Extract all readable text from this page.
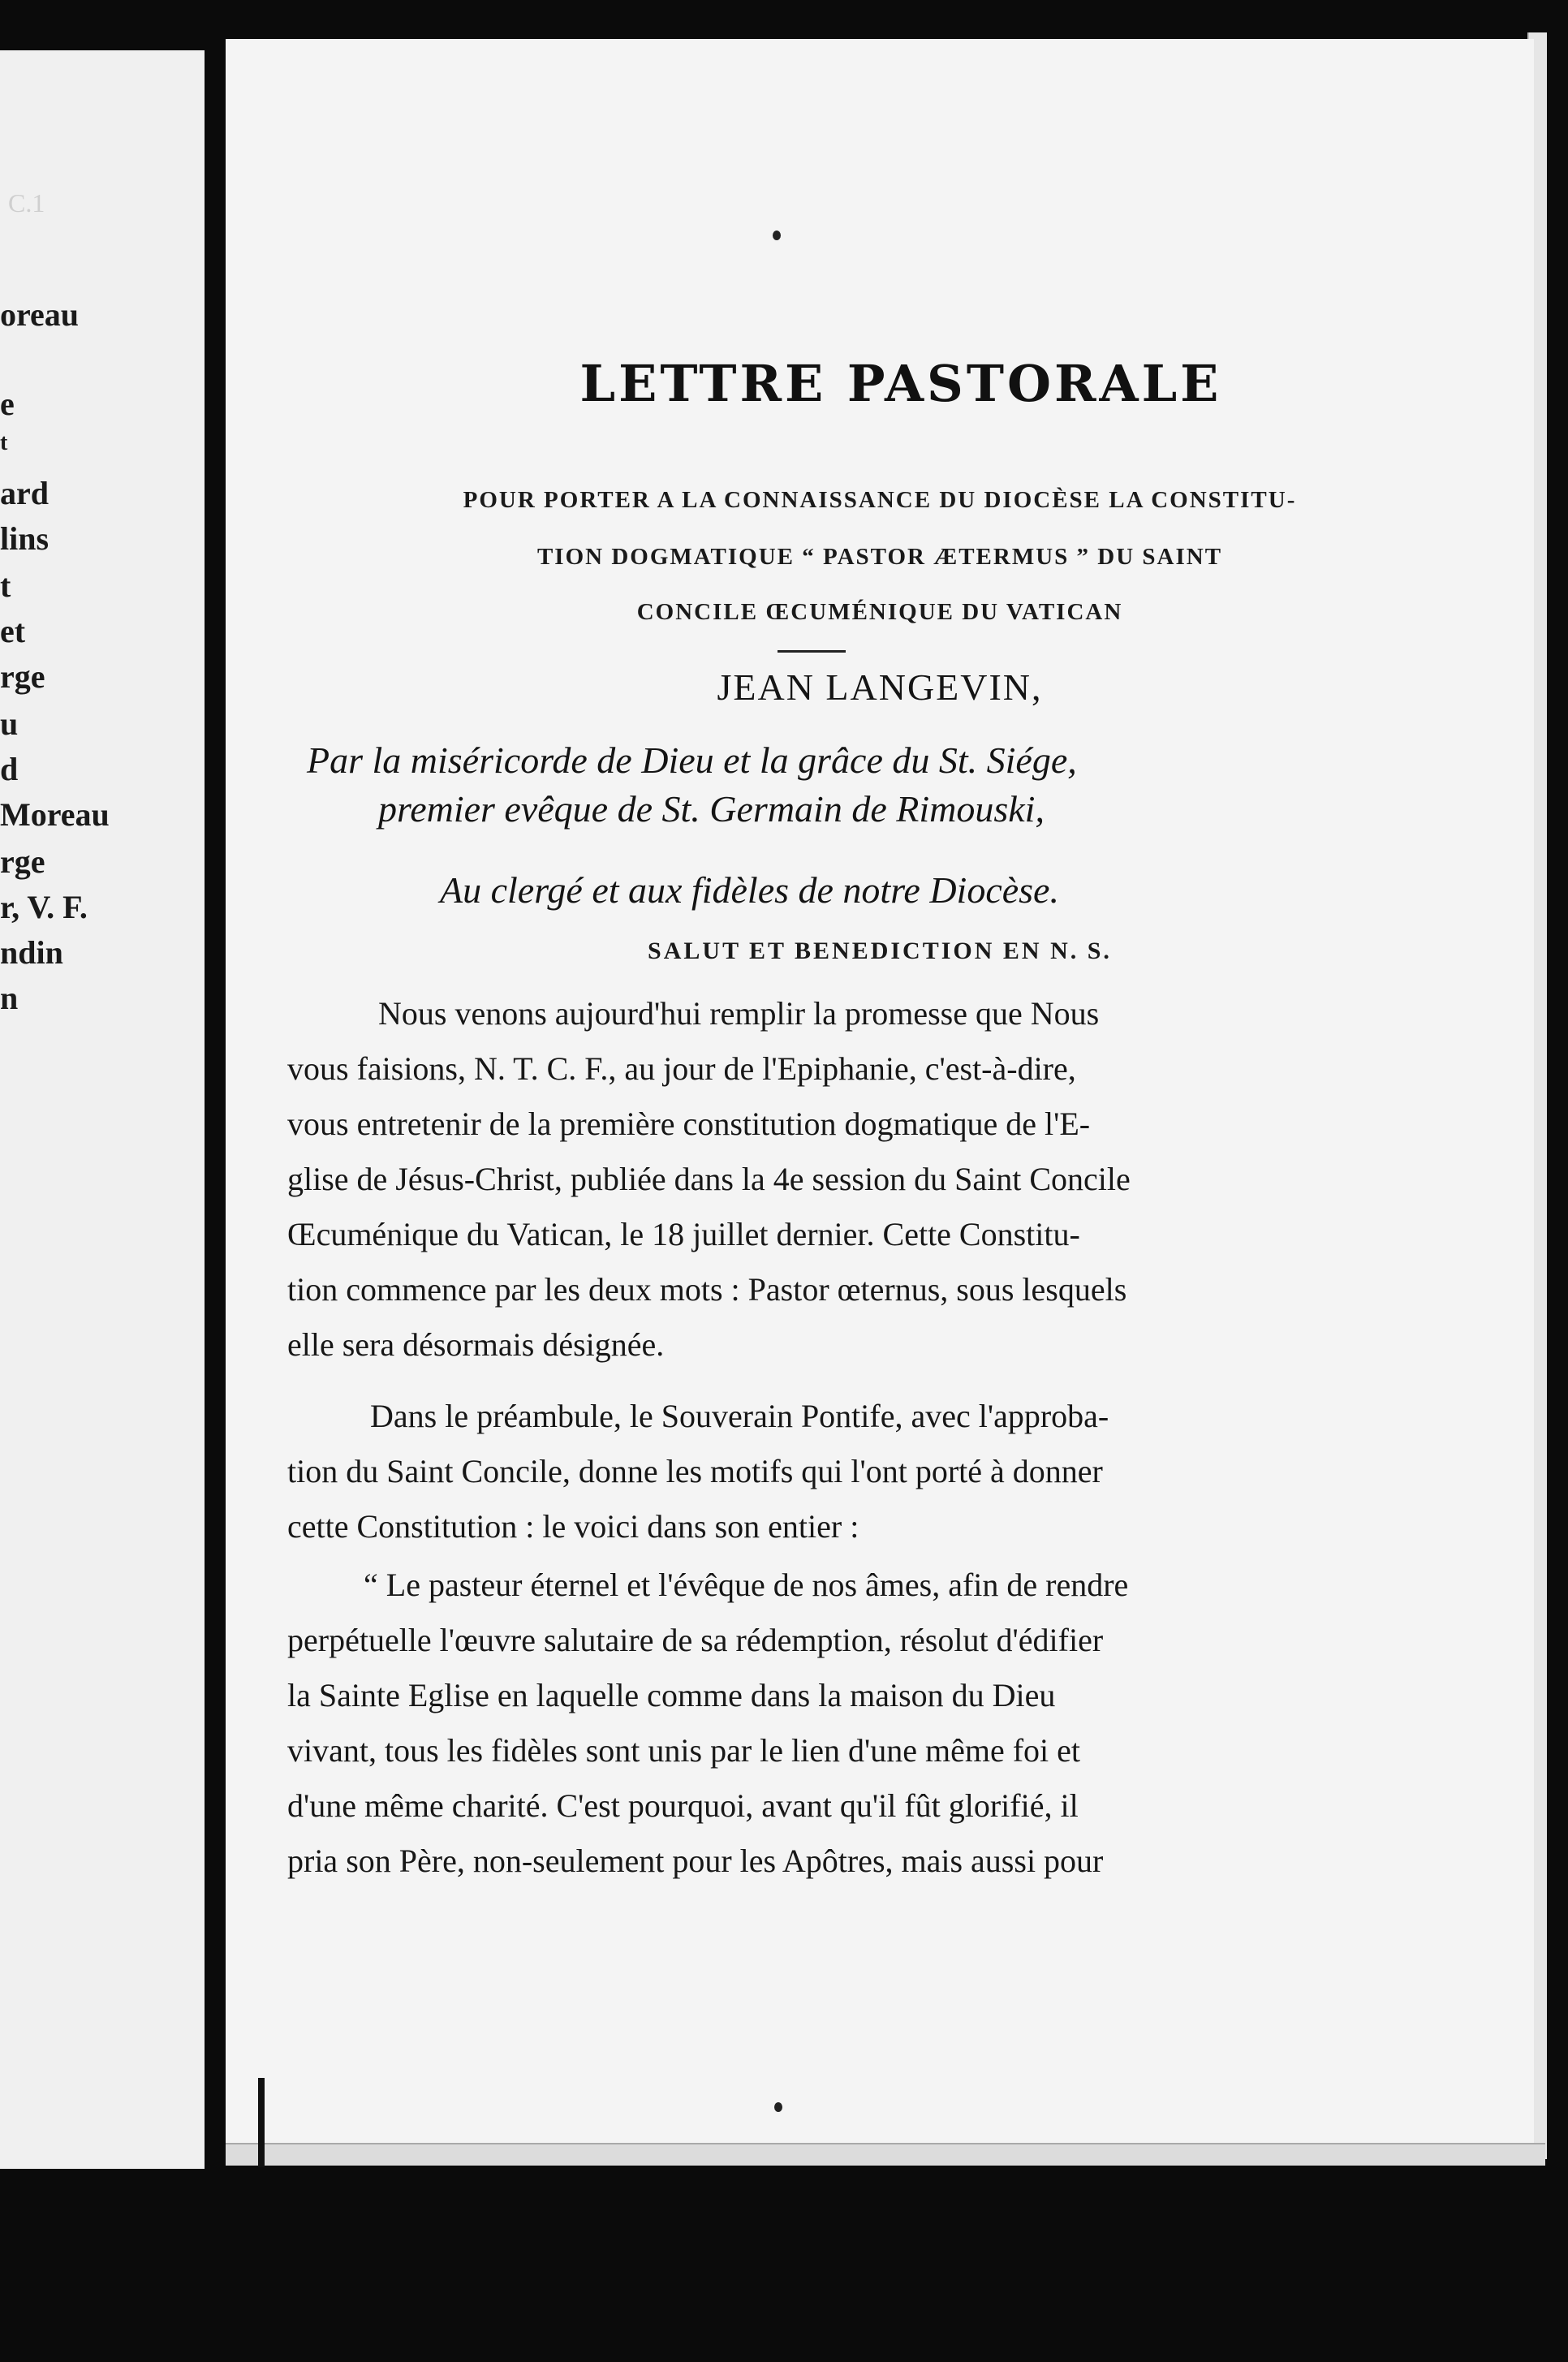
C.1
oreau
e
t
ard
lins
t
et
rge
u
d
Moreau
rge
r, V. F.
ndin
n
LETTRE PASTORALE
POUR PORTER A LA CONNAISSANCE DU DIOCÈSE LA CONSTITU-
TION DOGMATIQUE “ PASTOR ÆTERMUS ” DU SAINT
CONCILE ŒCUMÉNIQUE DU VATICAN
JEAN LANGEVIN,
Par la miséricorde de Dieu et la grâce du St. Siége,
premier evêque de St. Germain de Rimouski,
Au clergé et aux fidèles de notre Diocèse.
SALUT ET BENEDICTION EN N. S.
Nous venons aujourd'hui remplir la promesse que Nous
vous faisions, N. T. C. F., au jour de l'Epiphanie, c'est-à-dire,
vous entretenir de la première constitution dogmatique de l'E-
glise de Jésus-Christ, publiée dans la 4e session du Saint Concile
Œcuménique du Vatican, le 18 juillet dernier. Cette Constitu-
tion commence par les deux mots : Pastor œternus, sous lesquels
elle sera désormais désignée.
Dans le préambule, le Souverain Pontife, avec l'approba-
tion du Saint Concile, donne les motifs qui l'ont porté à donner
cette Constitution : le voici dans son entier :
“ Le pasteur éternel et l'évêque de nos âmes, afin de rendre
perpétuelle l'œuvre salutaire de sa rédemption, résolut d'édifier
la Sainte Eglise en laquelle comme dans la maison du Dieu
vivant, tous les fidèles sont unis par le lien d'une même foi et
d'une même charité. C'est pourquoi, avant qu'il fût glorifié, il
pria son Père, non-seulement pour les Apôtres, mais aussi pour
